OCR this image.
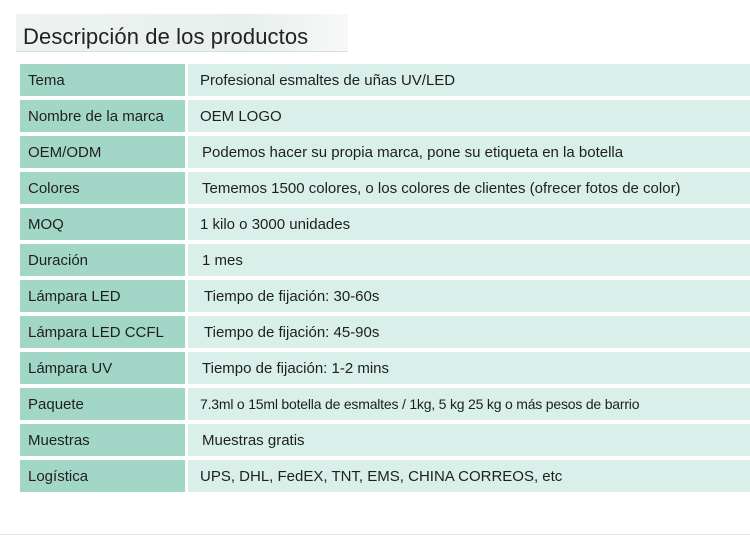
Descripción de los productos
Tema	Profesional esmaltes de uñas UV/LED
Nombre de la marca	OEM LOGO
OEM/ODM	Podemos hacer su propia marca, pone su etiqueta en la botella
Colores	Tememos 1500 colores, o los colores de clientes (ofrecer fotos de color)
MOQ	1 kilo o 3000 unidades
Duración	1 mes
Lámpara LED	Tiempo de fijación: 30-60s
Lámpara LED CCFL	Tiempo de fijación: 45-90s
Lámpara UV	Tiempo de fijación: 1-2 mins
Paquete	7.3ml o 15ml botella de esmaltes / 1kg, 5 kg 25 kg o más pesos de barrio
Muestras	Muestras gratis
Logística	UPS, DHL, FedEX, TNT, EMS, CHINA CORREOS, etc
